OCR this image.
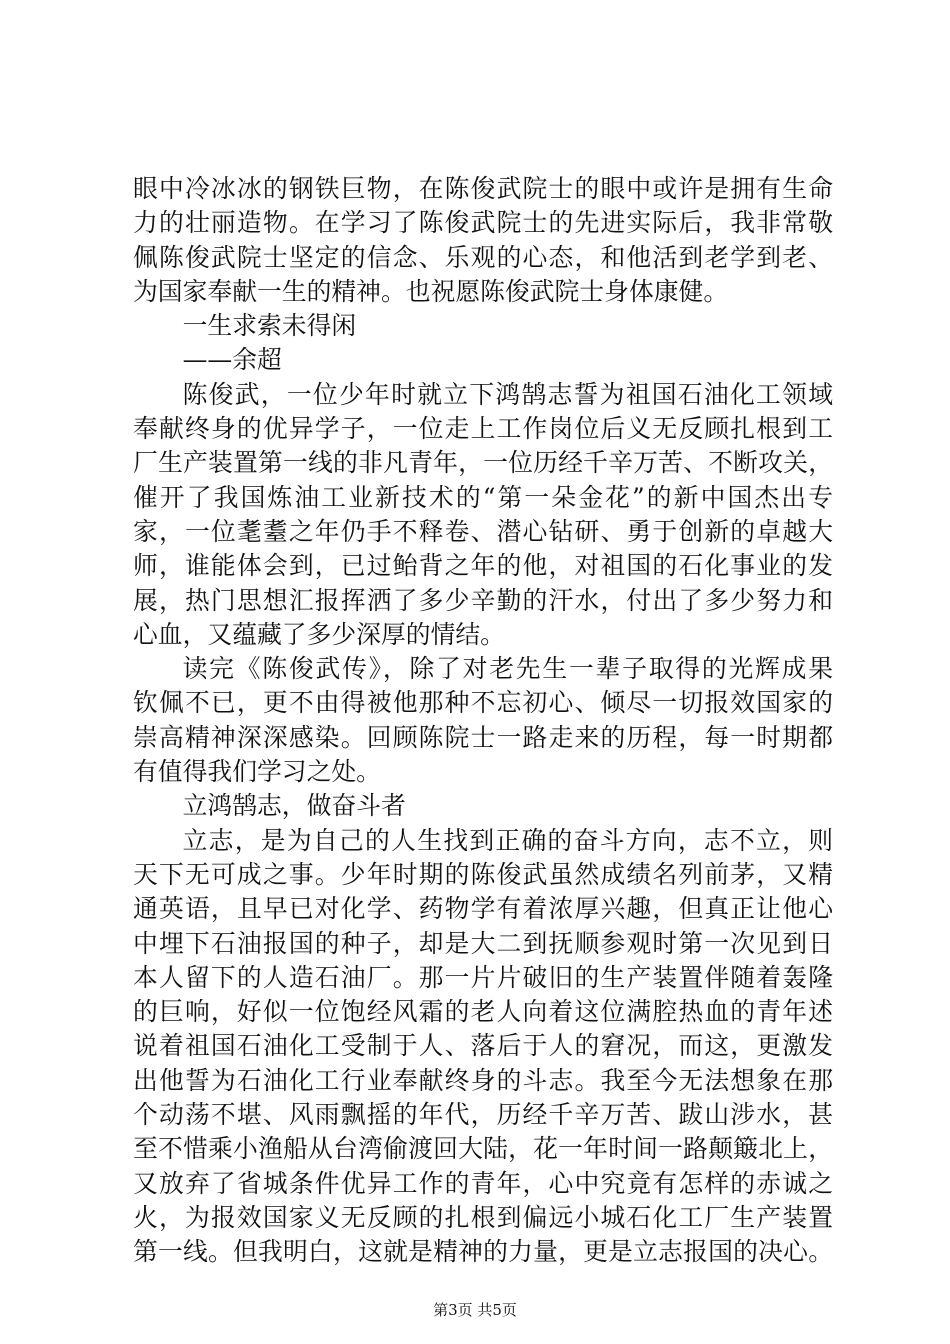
眼中冷冰冰的钢铁巨物，在陈俊武院士的眼中或许是拥有生命
力的壮丽造物。在学习了陈俊武院士的先进实际后，我非常敬
佩陈俊武院士坚定的信念、乐观的心态，和他活到老学到老、
为国家奉献一生的精神。也祝愿陈俊武院士身体康健。
一生求索未得闲
——余超
陈俊武，一位少年时就立下鸿鹄志誓为祖国石油化工领域
奉献终身的优异学子，一位走上工作岗位后义无反顾扎根到工
厂生产装置第一线的非凡青年，一位历经千辛万苦、不断攻关，
催开了我国炼油工业新技术的“第一朵金花”的新中国杰出专
家，一位耄耋之年仍手不释卷、潜心钻研、勇于创新的卓越大
师，谁能体会到，已过鲐背之年的他，对祖国的石化事业的发
展，热门思想汇报挥洒了多少辛勤的汗水，付出了多少努力和
心血，又蕴藏了多少深厚的情结。
读完《陈俊武传》，除了对老先生一辈子取得的光辉成果
钦佩不已，更不由得被他那种不忘初心、倾尽一切报效国家的
崇高精神深深感染。回顾陈院士一路走来的历程，每一时期都
有值得我们学习之处。
立鸿鹄志，做奋斗者
立志，是为自己的人生找到正确的奋斗方向，志不立，则
天下无可成之事。少年时期的陈俊武虽然成绩名列前茅，又精
通英语，且早已对化学、药物学有着浓厚兴趣，但真正让他心
中埋下石油报国的种子，却是大二到抚顺参观时第一次见到日
本人留下的人造石油厂。那一片片破旧的生产装置伴随着轰隆
的巨响，好似一位饱经风霜的老人向着这位满腔热血的青年述
说着祖国石油化工受制于人、落后于人的窘况，而这，更激发
出他誓为石油化工行业奉献终身的斗志。我至今无法想象在那
个动荡不堪、风雨飘摇的年代，历经千辛万苦、跋山涉水，甚
至不惜乘小渔船从台湾偷渡回大陆，花一年时间一路颠簸北上，
又放弃了省城条件优异工作的青年，心中究竟有怎样的赤诚之
火，为报效国家义无反顾的扎根到偏远小城石化工厂生产装置
第一线。但我明白，这就是精神的力量，更是立志报国的决心。
第3页 共5页
